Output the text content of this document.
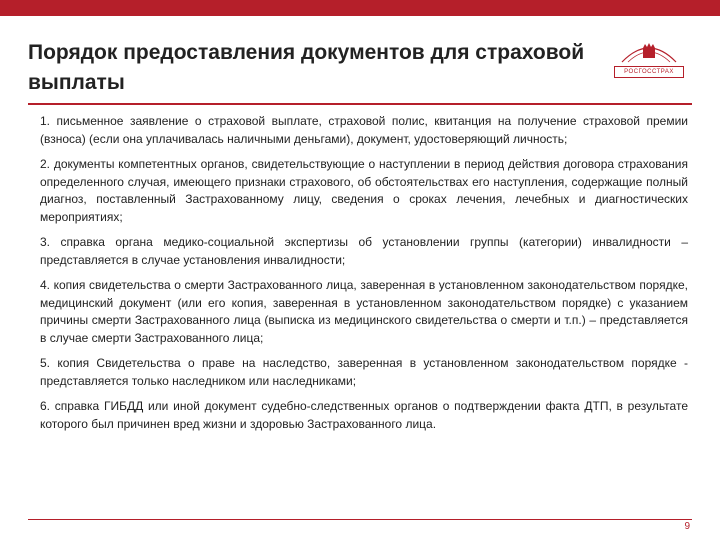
Порядок предоставления документов для страховой выплаты	РОСГОССТРАХ

1. письменное заявление о страховой выплате, страховой полис, квитанция на получение страховой премии (взноса) (если она уплачивалась наличными деньгами), документ, удостоверяющий личность;

2. документы компетентных органов, свидетельствующие о наступлении в период действия договора страхования определенного случая, имеющего признаки страхового, об обстоятельствах его наступления, содержащие полный диагноз, поставленный Застрахованному лицу, сведения о сроках лечения, лечебных и диагностических мероприятиях;

3. справка органа медико-социальной экспертизы об установлении группы (категории) инвалидности – представляется в случае установления инвалидности;

4. копия свидетельства о смерти Застрахованного лица, заверенная в установленном законодательством порядке, медицинский документ (или его копия, заверенная в установленном законодательством порядке) с указанием причины смерти Застрахованного лица (выписка из медицинского свидетельства о смерти и т.п.) – представляется в случае смерти Застрахованного лица;

5. копия Свидетельства о праве на наследство, заверенная в установленном законодательством порядке - представляется только наследником или наследниками;

6. справка ГИБДД или иной документ судебно-следственных органов о подтверждении факта ДТП, в результате которого был причинен вред жизни и здоровью Застрахованного лица.

9
